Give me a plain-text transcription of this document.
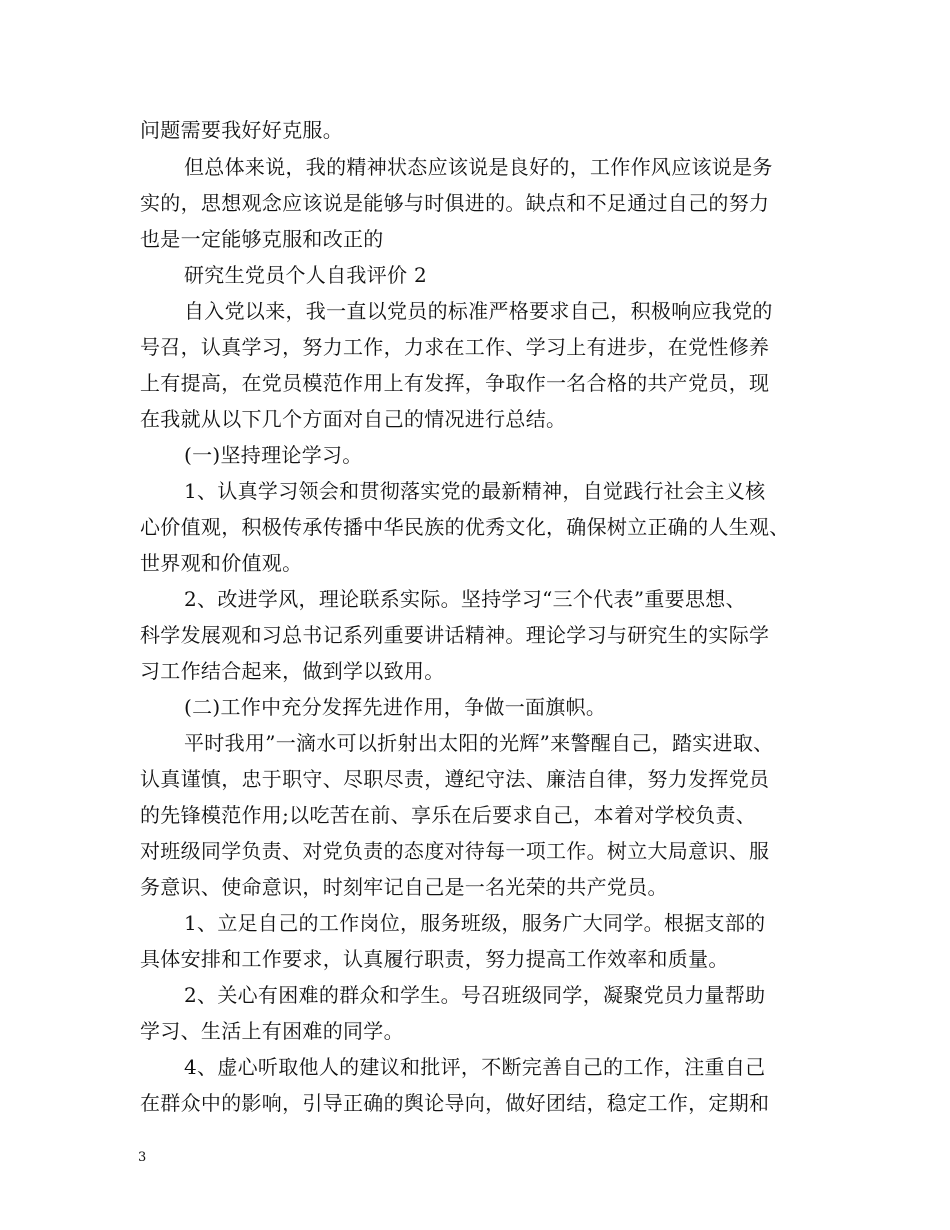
问题需要我好好克服。
但总体来说，我的精神状态应该说是良好的，工作作风应该说是务
实的，思想观念应该说是能够与时俱进的。缺点和不足通过自己的努力
也是一定能够克服和改正的
研究生党员个人自我评价 2
自入党以来，我一直以党员的标准严格要求自己，积极响应我党的
号召，认真学习，努力工作，力求在工作、学习上有进步，在党性修养
上有提高，在党员模范作用上有发挥，争取作一名合格的共产党员，现
在我就从以下几个方面对自己的情况进行总结。
(一)坚持理论学习。
1、认真学习领会和贯彻落实党的最新精神，自觉践行社会主义核
心价值观，积极传承传播中华民族的优秀文化，确保树立正确的人生观、
世界观和价值观。
2、改进学风，理论联系实际。坚持学习“三个代表”重要思想、
科学发展观和习总书记系列重要讲话精神。理论学习与研究生的实际学
习工作结合起来，做到学以致用。
(二)工作中充分发挥先进作用，争做一面旗帜。
平时我用”一滴水可以折射出太阳的光辉”来警醒自己，踏实进取、
认真谨慎，忠于职守、尽职尽责，遵纪守法、廉洁自律，努力发挥党员
的先锋模范作用;以吃苦在前、享乐在后要求自己，本着对学校负责、
对班级同学负责、对党负责的态度对待每一项工作。树立大局意识、服
务意识、使命意识，时刻牢记自己是一名光荣的共产党员。
1、立足自己的工作岗位，服务班级，服务广大同学。根据支部的
具体安排和工作要求，认真履行职责，努力提高工作效率和质量。
2、关心有困难的群众和学生。号召班级同学，凝聚党员力量帮助
学习、生活上有困难的同学。
4、虚心听取他人的建议和批评，不断完善自己的工作，注重自己
在群众中的影响，引导正确的舆论导向，做好团结，稳定工作，定期和
3
